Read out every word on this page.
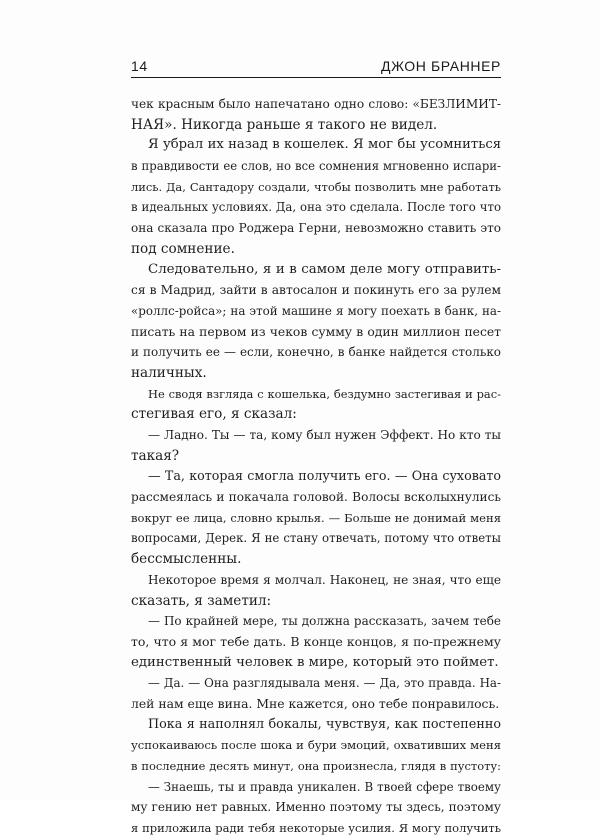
14	ДЖОН БРАННЕР
чек красным было напечатано одно слово: «БЕЗЛИМИТ-
НАЯ». Никогда раньше я такого не видел.
Я убрал их назад в кошелек. Я мог бы усомниться
в правдивости ее слов, но все сомнения мгновенно испари-
лись. Да, Сантадору создали, чтобы позволить мне работать
в идеальных условиях. Да, она это сделала. После того что
она сказала про Роджера Герни, невозможно ставить это
под сомнение.
Следовательно, я и в самом деле могу отправить-
ся в Мадрид, зайти в автосалон и покинуть его за рулем
«роллс-ройса»; на этой машине я могу поехать в банк, на-
писать на первом из чеков сумму в один миллион песет
и получить ее — если, конечно, в банке найдется столько
наличных.
Не сводя взгляда с кошелька, бездумно застегивая и рас-
стегивая его, я сказал:
— Ладно. Ты — та, кому был нужен Эффект. Но кто ты
такая?
— Та, которая смогла получить его. — Она суховато
рассмеялась и покачала головой. Волосы всколыхнулись
вокруг ее лица, словно крылья. — Больше не донимай меня
вопросами, Дерек. Я не стану отвечать, потому что ответы
бессмысленны.
Некоторое время я молчал. Наконец, не зная, что еще
сказать, я заметил:
— По крайней мере, ты должна рассказать, зачем тебе
то, что я мог тебе дать. В конце концов, я по-прежнему
единственный человек в мире, который это поймет.
— Да. — Она разглядывала меня. — Да, это правда. На-
лей нам еще вина. Мне кажется, оно тебе понравилось.
Пока я наполнял бокалы, чувствуя, как постепенно
успокаиваюсь после шока и бури эмоций, охвативших меня
в последние десять минут, она произнесла, глядя в пустоту:
— Знаешь, ты и правда уникален. В твоей сфере твоему
му гению нет равных. Именно поэтому ты здесь, поэтому
я приложила ради тебя некоторые усилия. Я могу получить
